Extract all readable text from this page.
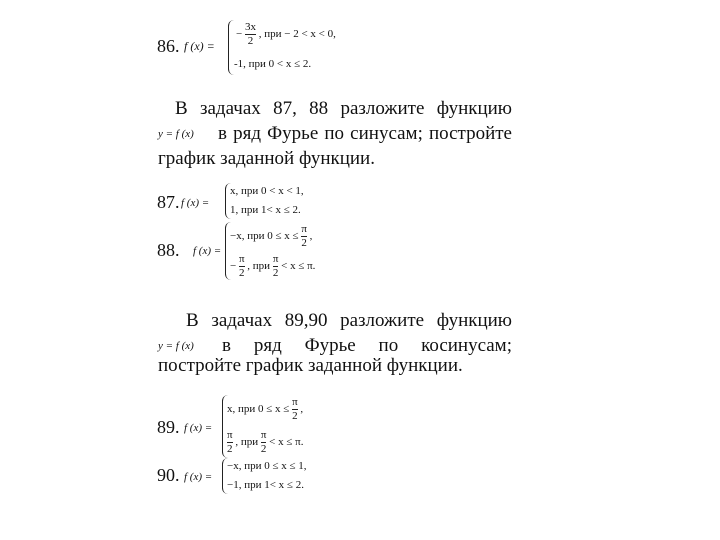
86. f (x) =
− $\frac{3x}{2}$ , при − 2 < x < 0,
-1, при 0 < x ≤ 2.
В задачах 87, 88 разложите функцию
y = f (x) в ряд Фурье по синусам; постройте
график заданной функции.
87. f (x) =
x, при 0 < x < 1,
1, при 1< x ≤ 2.
88. f (x) =
−x, при $0 \le x \le \frac{\pi}{2}$ ,
− $\frac{\pi}{2}$ , при $\frac{\pi}{2} < x \le \pi$.
В задачах 89,90 разложите функцию
y = f (x) в ряд Фурье по косинусам;
постройте график заданной функции.
89. f (x) =
x, при $0 \le x \le \frac{\pi}{2}$ ,
$\frac{\pi}{2}$ , при $\frac{\pi}{2} < x \le \pi$.
90. f (x) =
−x, при 0 ≤ x ≤ 1,
−1, при 1< x ≤ 2.
